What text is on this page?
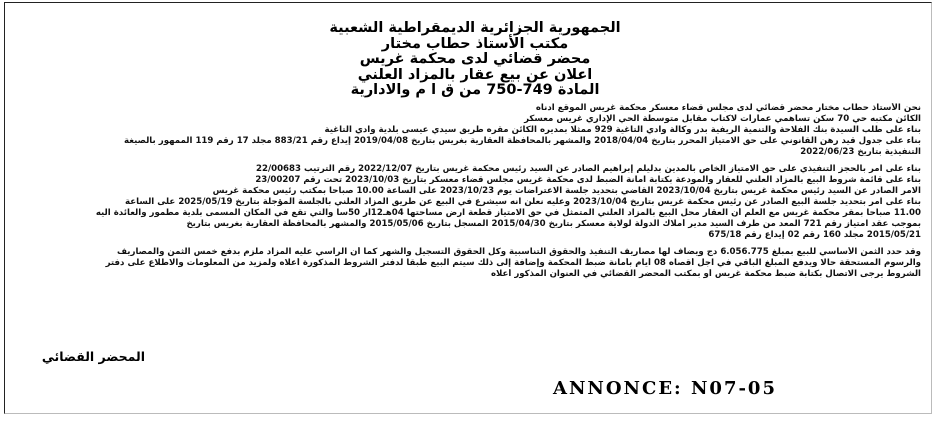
الجمهورية الجزائرية الديمقراطية الشعبية
مكتب الأستاذ حطاب مختار
محضر قضائي لدى محكمة غريس
اعلان عن بيع عقار بالمزاد العلني
المادة 749-750 من ق ا م والادارية
نحن الأستاذ حطاب مختار محضر قضائي لدى مجلس قضاء معسكر محكمة غريس الموقع ادناه
الكائن مكتبه حي 70 سكن تساهمي عمارات لاكتاب مقابل متوسطة الحي الإداري غريس معسكر
بناء على طلب السيدة بنك الفلاحة والتنمية الريفية بدر وكالة وادي التاغية 929 ممثلا بمديره الكائن مقره طريق سيدي عيسى بلدية وادي التاغية
بناء على جدول قيد رهن القانوني على حق الامتياز المحرر بتاريخ 2018/04/04 والمشهر بالمحافظة العقارية بغريس بتاريخ 2019/04/08 إيداع رقم 883/21 مجلد 17 رقم 119 الممهور بالصيغة
التنفيذية بتاريخ 2022/06/23
بناء على امر بالحجز التنفيذي على حق الامتياز الخاص بالمدين بدليلم إبراهيم الصادر عن السيد رئيس محكمة غريس بتاريخ 2022/12/07 رقم الترتيب 22/00683
بناء على قائمة شروط البيع بالمزاد العلني للعقار والمودعة بكتابة امانة الضبط لدى محكمة غريس مجلس قضاء معسكر بتاريخ 2023/10/03 تحت رقم 23/00207
الامر الصادر عن السيد رئيس محكمة غريس بتاريخ 2023/10/04 القاضي بتحديد جلسة الاعتراضات يوم 2023/10/23 على الساعة 10.00 صباحا بمكتب رئيس محكمة غريس
بناء على امر بتحديد جلسة البيع الصادر عن رئيس محكمة غريس بتاريخ 2023/10/04 وعليه نعلن انه سيشرع في البيع عن طريق المزاد العلني بالجلسة المؤجلة بتاريخ 2025/05/19 على الساعة
11.00 صباحا بمقر محكمة غريس مع العلم أن العقار محل البيع بالمزاد العلني المتمثل في حق الامتياز قطعة ارض مساحتها 04هـ12آر 50سا والتي تقع في المكان المسمى بلدية مطمور والعائدة اليه
بموجب عقد امتياز رقم 721 المعد من طرف السيد مدير أملاك الدولة لولاية معسكر بتاريخ 2015/04/30 المسجل بتاريخ 2015/05/06 والمشهر بالمحافظة العقارية بغريس بتاريخ
2015/05/21 مجلد 160 رقم 02 إيداع رقم 675/18
وقد حدد الثمن الأساسي للبيع بمبلغ 6.056.775 دج ويضاف لها مصاريف التنفيذ والحقوق التناسبية وكل الحقوق التسجيل والشهر كما أن الراسي عليه المزاد ملزم بدفع خمس الثمن والمصاريف
والرسوم المستحقة حالا ويدفع المبلغ الباقي في اجل أقصاه 08 أيام بأمانة ضبط المحكمة وإضافة إلى ذلك سيتم البيع طبقا لدفتر الشروط المذكورة أعلاه ولمزيد من المعلومات والاطلاع على دفتر
الشروط يرجى الاتصال بكتابة ضبط محكمة غريس أو بمكتب المحضر القضائي في العنوان المذكور أعلاه
المحضر القضائي
ANNONCE: N07-05
